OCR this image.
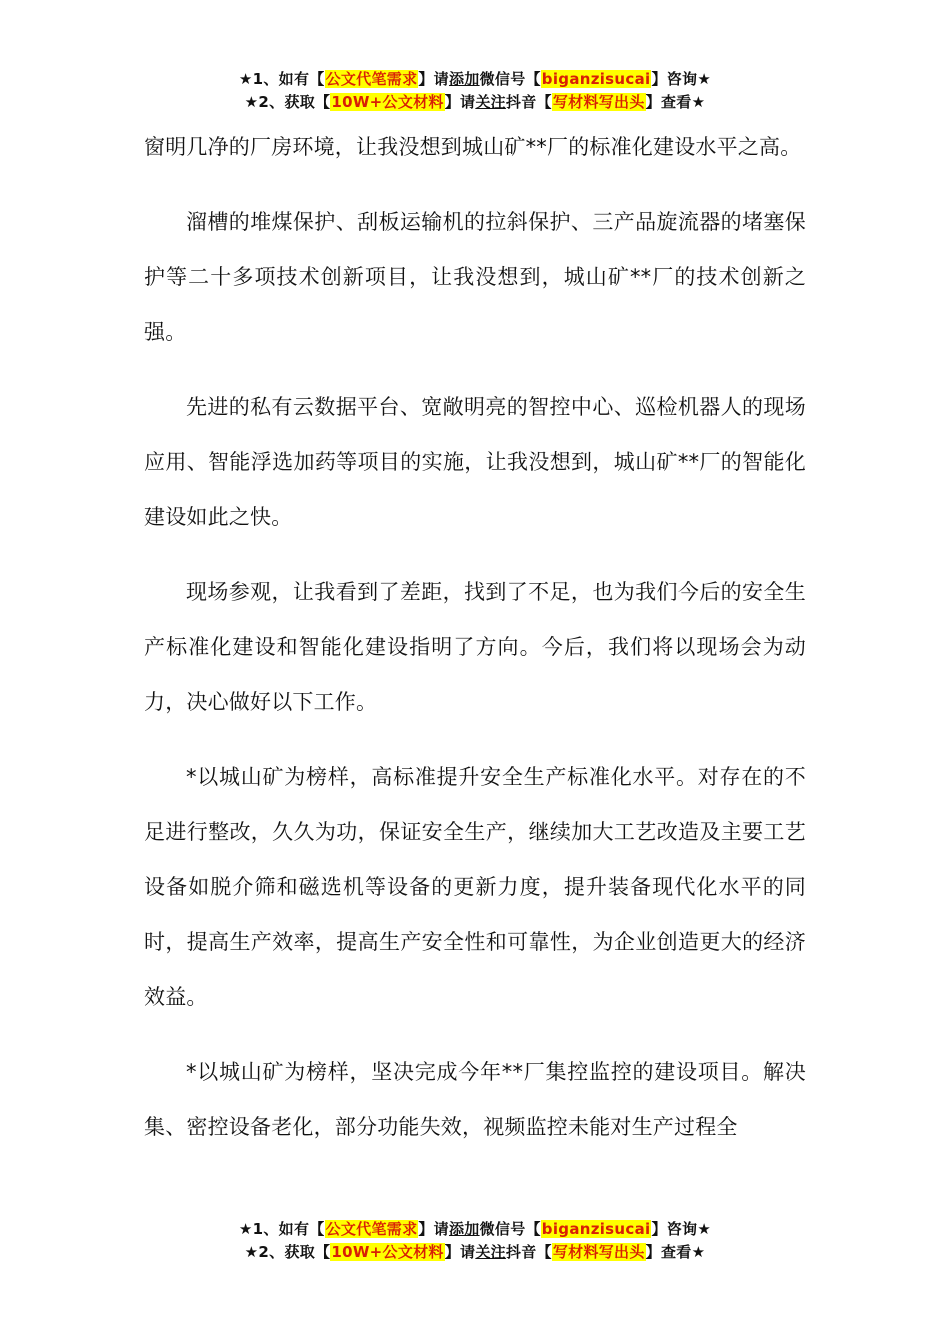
★1、如有【公文代笔需求】请添加微信号【biganzisucai】咨询★
★2、获取【10W+公文材料】请关注抖音【写材料写出头】查看★

窗明几净的厂房环境，让我没想到城山矿**厂的标准化建设水平之高。

溜槽的堆煤保护、刮板运输机的拉斜保护、三产品旋流器的堵塞保护等二十多项技术创新项目，让我没想到，城山矿**厂的技术创新之强。

先进的私有云数据平台、宽敞明亮的智控中心、巡检机器人的现场应用、智能浮选加药等项目的实施，让我没想到，城山矿**厂的智能化建设如此之快。

现场参观，让我看到了差距，找到了不足，也为我们今后的安全生产标准化建设和智能化建设指明了方向。今后，我们将以现场会为动力，决心做好以下工作。

*以城山矿为榜样，高标准提升安全生产标准化水平。对存在的不足进行整改，久久为功，保证安全生产，继续加大工艺改造及主要工艺设备如脱介筛和磁选机等设备的更新力度，提升装备现代化水平的同时，提高生产效率，提高生产安全性和可靠性，为企业创造更大的经济效益。

*以城山矿为榜样，坚决完成今年**厂集控监控的建设项目。解决集、密控设备老化，部分功能失效，视频监控未能对生产过程全

★1、如有【公文代笔需求】请添加微信号【biganzisucai】咨询★
★2、获取【10W+公文材料】请关注抖音【写材料写出头】查看★
